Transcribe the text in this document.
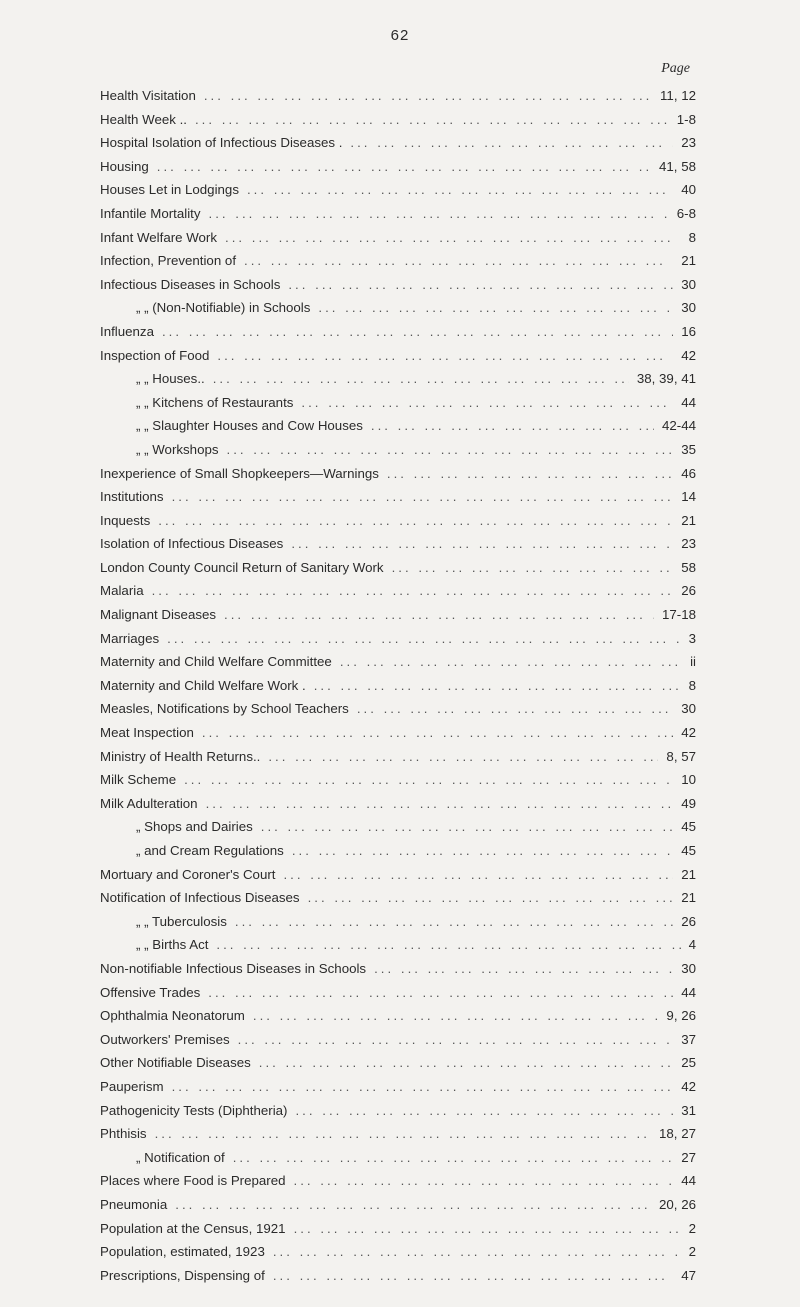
62
Page
Health Visitation ... .	11, 12
Health Week .. ... .	1-8
Hospital Isolation of Infectious Diseases . ... .	23
Housing ... .	41, 58
Houses Let in Lodgings ... .	40
Infantile Mortality ... .	6-8
Infant Welfare Work ... .	8
Infection, Prevention of ... .	21
Infectious Diseases in Schools ... .	30
„ „ (Non-Notifiable) in Schools ... .	30
Influenza ... .	16
Inspection of Food ... .	42
„ „ Houses.. ... .	38, 39, 41
„ „ Kitchens of Restaurants ... .	44
„ „ Slaughter Houses and Cow Houses ... .	42-44
„ „ Workshops ... .	35
Inexperience of Small Shopkeepers—Warnings ... .	46
Institutions ... .	14
Inquests ... .	21
Isolation of Infectious Diseases ... .	23
London County Council Return of Sanitary Work ... .	58
Malaria ... .	26
Malignant Diseases ... .	17-18
Marriages ... .	3
Maternity and Child Welfare Committee ... .	ii
Maternity and Child Welfare Work . ... .	8
Measles, Notifications by School Teachers ... .	30
Meat Inspection ... .	42
Ministry of Health Returns.. ... .	8, 57
Milk Scheme ... .	10
Milk Adulteration ... .	49
„ Shops and Dairies ... .	45
„ and Cream Regulations ... .	45
Mortuary and Coroner's Court ... .	21
Notification of Infectious Diseases ... .	21
„ „ Tuberculosis ... .	26
„ „ Births Act ... .	4
Non-notifiable Infectious Diseases in Schools ... .	30
Offensive Trades ... .	44
Ophthalmia Neonatorum ... .	9, 26
Outworkers' Premises ... .	37
Other Notifiable Diseases ... .	25
Pauperism ... .	42
Pathogenicity Tests (Diphtheria) ... .	31
Phthisis ... .	18, 27
„ Notification of ... .	27
Places where Food is Prepared ... .	44
Pneumonia ... .	20, 26
Population at the Census, 1921 ... .	2
Population, estimated, 1923 ... .	2
Prescriptions, Dispensing of ... .	47
